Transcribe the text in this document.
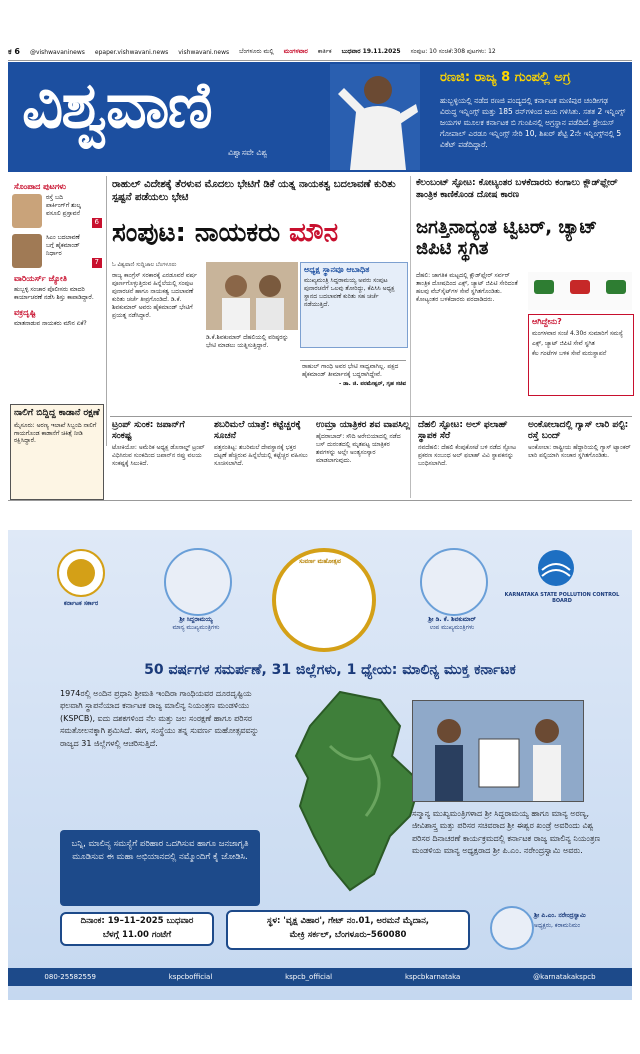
ಕ 6 @vishwavaninews epaper.vishwavani.news vishwavani.news ಬೆಂಗಳೂರು ಮಲ್ಲಿ ಮಂಗಳವಾರ ಕಾರ್ತಿಕ ಬುಧವಾರ 19.11.2025 ಸಂಪುಟ: 10 ಸಂಚಿಕೆ:308 ಪುಟಗಳು: 12
ವಿಶ್ವವಾಣಿ
ವಿಶ್ವಾಸವೇ ವಿಶ್ವ
ರಣಜಿ: ರಾಜ್ಯ 8 ಗುಂಪಲ್ಲಿ ಅಗ್ರ
ಹುಬ್ಬಳ್ಳಿಯಲ್ಲಿ ನಡೆದ ರಣಜಿ ಪಂದ್ಯದಲ್ಲಿ ಕರ್ನಾಟಕ ಮಣಿಪುರ ಚಂಡೀಗಢ ವಿರುದ್ಧ ಇನ್ನಿಂಗ್ಸ್ ಮತ್ತು 185 ರನ್‌ಗಳಿಂದ ಜಯ ಗಳಿಸಿತು. ಸತತ 2 ಇನ್ನಿಂಗ್ಸ್ ಜಯಗಳ ಮೂಲಕ ಕರ್ನಾಟಕ ಬಿ ಗುಂಪಿನಲ್ಲಿ ಅಗ್ರಸ್ಥಾನ ಪಡೆದಿದೆ. ಶ್ರೇಯಸ್ ಗೋಪಾಲ್ ಎರಡೂ ಇನ್ನಿಂಗ್ಸ್ ಸೇರಿ 10, ಶಿಖರ್ ಶೆಟ್ಟಿ 2ನೇ ಇನ್ನಿಂಗ್ಸ್‌ನಲ್ಲಿ 5 ವಿಕೆಟ್ ಪಡೆದಿದ್ದಾರೆ.
ಸೊಂಪಾದ ಪುಟಗಳು
ರಸ್ತೆ ಬದಿ ಪಾರ್ಕಿಂಗ್‌ಗೆ ಶುಲ್ಕ ವಸೂಲಿ ಪ್ರಸ್ತಾವನೆ
6
ಸಿಎಂ ಬದಲಾವಣೆ ಬಗ್ಗೆ ಹೈಕಮಾಂಡ್ ನಿರ್ಧಾರ
7
ವಾರಿಯರ್ಸ್ ಜ್ಯೋತಿ
ಹುಬ್ಬಳ್ಳಿ ಸಂಚಾರ ಪೊಲೀಸರು ಮಾದರಿ ಕಾರ್ಯಾಚರಣೆ ನಡೆಸಿ ಶಿಸ್ತು ಕಾಪಾಡಿದ್ದಾರೆ.
ವಕ್ರದೃಷ್ಟಿ
ಮಾತನಾಡುವ ನಾಯಕರು ಮೌನ ಏಕೆ?
ನಾಲಿಗೆ ಬಿದ್ದಿದ್ದ ಕಾಡಾನೆ ರಕ್ಷಣೆ
ಮೈಸೂರು: ಅರಣ್ಯ ಇಲಾಖೆ ಸಿಬ್ಬಂದಿ ನಾಲಿಗೆ ಗಾಯಗೊಂಡ ಕಾಡಾನೆಗೆ ಚಿಕಿತ್ಸೆ ನೀಡಿ ರಕ್ಷಿಸಿದ್ದಾರೆ.
ರಾಹುಲ್ ವಿದೇಶಕ್ಕೆ ತೆರಳುವ ಮೊದಲು ಭೇಟಿಗೆ ಡಿಕೆ ಯತ್ನ ನಾಯಕತ್ವ ಬದಲಾವಣೆ ಕುರಿತು ಸ್ಪಷ್ಟನೆ ಪಡೆಯಲು ಭೇಟಿ
ಸಂಪುಟ: ನಾಯಕರು ಮೌನ
ಓ ವಿಶ್ವವಾಣಿ ಸುದ್ದಿಜಾಲ ಬೆಂಗಳೂರು
ರಾಜ್ಯ ಕಾಂಗ್ರೆಸ್ ಸರಕಾರಕ್ಕೆ ಎರಡೂವರೆ ವರ್ಷ ಪೂರ್ಣಗೊಳ್ಳುತ್ತಿರುವ ಹಿನ್ನೆಲೆಯಲ್ಲಿ ಸಂಪುಟ ಪುನಾರಚನೆ ಹಾಗೂ ನಾಯಕತ್ವ ಬದಲಾವಣೆ ಕುರಿತು ಚರ್ಚೆ ತೀವ್ರಗೊಂಡಿದೆ. ಡಿ.ಕೆ. ಶಿವಕುಮಾರ್ ಅವರು ಹೈಕಮಾಂಡ್ ಭೇಟಿಗೆ ಪ್ರಯತ್ನ ನಡೆಸಿದ್ದಾರೆ.
ಅಧ್ಯಕ್ಷ ಸ್ಥಾನವೂ ಆಬಾಧಿತ
ಮುಖ್ಯಮಂತ್ರಿ ಸಿದ್ದರಾಮಯ್ಯ ಅವರು ಸಂಪುಟ ಪುನಾರಚನೆಗೆ ಒಲವು ತೋರಿದ್ದು, ಕೆಪಿಸಿಸಿ ಅಧ್ಯಕ್ಷ ಸ್ಥಾನದ ಬದಲಾವಣೆ ಕುರಿತು ಸಹ ಚರ್ಚೆ ನಡೆಯುತ್ತಿದೆ.
ಡಿ.ಕೆ.ಶಿವಕುಮಾರ್ ದೆಹಲಿಯಲ್ಲಿ ವರಿಷ್ಠರನ್ನು ಭೇಟಿ ಮಾಡಲು ಯತ್ನಿಸುತ್ತಿದ್ದಾರೆ.
ರಾಹುಲ್ ಗಾಂಧಿ ಅವರ ಭೇಟಿ ಸಾಧ್ಯವಾಗಿಲ್ಲ. ಪಕ್ಷದ ಹೈಕಮಾಂಡ್ ತೀರ್ಮಾನಕ್ಕೆ ಬದ್ಧರಾಗಿದ್ದೇವೆ.
- ಡಾ. ಜಿ. ಪರಮೇಶ್ವರ್, ಗೃಹ ಸಚಿವ
ಕೆಲಂಬಂಟ್ ಸ್ಫೋಟ: ಕೋಟ್ಯಂತರ ಬಳಕೆದಾರರು ಕಂಗಾಲು ಕ್ಲೌಡ್‌ಫ್ಲೇರ್ ತಾಂತ್ರಿಕ ಕಾಣಿಕೊಂಡ ದೋಷ ಕಾರಣ
ಜಗತ್ತಿನಾದ್ಯಂತ ಟ್ವಿಟರ್, ಚ್ಯಾಟ್ ಜಿಪಿಟಿ ಸ್ಥಗಿತ
ದೆಹಲಿ: ಜಾಗತಿಕ ಮಟ್ಟದಲ್ಲಿ ಕ್ಲೌಡ್‌ಫ್ಲೇರ್ ಸರ್ವರ್ ತಾಂತ್ರಿಕ ದೋಷದಿಂದ ಎಕ್ಸ್, ಚ್ಯಾಟ್ ಜಿಪಿಟಿ ಸೇರಿದಂತೆ ಹಲವು ವೆಬ್‌ಸೈಟ್‌ಗಳ ಸೇವೆ ಸ್ಥಗಿತಗೊಂಡಿತು. ಕೋಟ್ಯಂತರ ಬಳಕೆದಾರರು ಪರದಾಡಿದರು.
ಆಗಿದ್ದೇನು?
ಮಂಗಳವಾರ ಸಂಜೆ 4.30ರ ಸುಮಾರಿಗೆ ಸಮಸ್ಯೆ
ಎಕ್ಸ್, ಚ್ಯಾಟ್ ಜಿಪಿಟಿ ಸೇವೆ ಸ್ಥಗಿತ
ಕೆಲ ಗಂಟೆಗಳ ಬಳಿಕ ಸೇವೆ ಮರುಸ್ಥಾಪನೆ
ಟ್ರಂಪ್ ಸುಂಕ: ಜಪಾನ್‌ಗೆ ಸಂಕಷ್ಟ
ಟೋಕಿಯೋ: ಅಮೆರಿಕ ಅಧ್ಯಕ್ಷ ಡೊನಾಲ್ಡ್ ಟ್ರಂಪ್ ವಿಧಿಸಿರುವ ಸುಂಕದಿಂದ ಜಪಾನ್‌ನ ರಫ್ತು ವಲಯ ಸಂಕಷ್ಟಕ್ಕೆ ಸಿಲುಕಿದೆ.
ಶಬರಿಮಲೆ ಯಾತ್ರೆ: ಕಟ್ಟೆಚ್ಚರಕ್ಕೆ ಸೂಚನೆ
ಪತ್ತನಂತಿಟ್ಟ: ಶಬರಿಮಲೆ ದೇವಸ್ಥಾನಕ್ಕೆ ಭಕ್ತರ ದಟ್ಟಣೆ ಹೆಚ್ಚಿರುವ ಹಿನ್ನೆಲೆಯಲ್ಲಿ ಕಟ್ಟೆಚ್ಚರ ವಹಿಸಲು ಸೂಚಿಸಲಾಗಿದೆ.
ಉಮ್ರಾ ಯಾತ್ರಿಕರ ಶವ ವಾಪಸಿಲ್ಲ
ಹೈದರಾಬಾದ್: ಸೌದಿ ಅರೇಬಿಯಾದಲ್ಲಿ ನಡೆದ ಬಸ್ ದುರಂತದಲ್ಲಿ ಮೃತಪಟ್ಟ ಯಾತ್ರಿಕರ ಶವಗಳನ್ನು ಅಲ್ಲೇ ಅಂತ್ಯಸಂಸ್ಕಾರ ಮಾಡಲಾಗುವುದು.
ದೆಹಲಿ ಸ್ಫೋಟ: ಅಲ್ ಫಲಾಹ್ ಸ್ಥಾಪಕ ಸೆರೆ
ನವದೆಹಲಿ: ದೆಹಲಿ ಕೆಂಪುಕೋಟೆ ಬಳಿ ನಡೆದ ಸ್ಫೋಟ ಪ್ರಕರಣ ಸಂಬಂಧ ಅಲ್ ಫಲಾಹ್ ವಿವಿ ಸ್ಥಾಪಕನನ್ನು ಬಂಧಿಸಲಾಗಿದೆ.
ಅಂಕೋಲಾದಲ್ಲಿ ಗ್ಯಾಸ್ ಲಾರಿ ಪಲ್ಟಿ: ರಸ್ತೆ ಬಂದ್
ಅಂಕೋಲಾ: ರಾಷ್ಟ್ರೀಯ ಹೆದ್ದಾರಿಯಲ್ಲಿ ಗ್ಯಾಸ್ ಟ್ಯಾಂಕರ್ ಲಾರಿ ಪಲ್ಟಿಯಾಗಿ ಸಂಚಾರ ಸ್ಥಗಿತಗೊಂಡಿತು.
ಕರ್ನಾಟಕ ಸರ್ಕಾರ
ಶ್ರೀ ಸಿದ್ದರಾಮಯ್ಯ
ಮಾನ್ಯ ಮುಖ್ಯಮಂತ್ರಿಗಳು
ಸುವರ್ಣ ಮಹೋತ್ಸವ
ಶ್ರೀ ಡಿ. ಕೆ. ಶಿವಕುಮಾರ್
ಉಪ ಮುಖ್ಯಮಂತ್ರಿಗಳು
KARNATAKA STATE POLLUTION CONTROL BOARD
50 ವರ್ಷಗಳ ಸಮರ್ಪಣೆ, 31 ಜಿಲ್ಲೆಗಳು, 1 ಧ್ಯೇಯ: ಮಾಲಿನ್ಯ ಮುಕ್ತ ಕರ್ನಾಟಕ
1974ರಲ್ಲಿ ಅಂದಿನ ಪ್ರಧಾನಿ ಶ್ರೀಮತಿ ಇಂದಿರಾ ಗಾಂಧಿಯವರ ದೂರದೃಷ್ಟಿಯ ಫಲವಾಗಿ ಸ್ಥಾಪನೆಯಾದ ಕರ್ನಾಟಕ ರಾಜ್ಯ ಮಾಲಿನ್ಯ ನಿಯಂತ್ರಣ ಮಂಡಳಿಯು (KSPCB), ಐದು ದಶಕಗಳಿಂದ ನೆಲ ಮತ್ತು ಜಲ ಸಂರಕ್ಷಣೆ ಹಾಗೂ ಪರಿಸರ ಸಮತೋಲನಕ್ಕಾಗಿ ಶ್ರಮಿಸಿದೆ. ಈಗ, ಸಂಸ್ಥೆಯು ತನ್ನ ಸುವರ್ಣ ಮಹೋತ್ಸವವನ್ನು ರಾಜ್ಯದ 31 ಜಿಲ್ಲೆಗಳಲ್ಲಿ ಆಚರಿಸುತ್ತಿದೆ.
ಸನ್ಮಾನ್ಯ ಮುಖ್ಯಮಂತ್ರಿಗಳಾದ ಶ್ರೀ ಸಿದ್ದರಾಮಯ್ಯ ಹಾಗೂ ಮಾನ್ಯ ಅರಣ್ಯ, ಜೀವಿಶಾಸ್ತ್ರ ಮತ್ತು ಪರಿಸರ ಸಚಿವರಾದ ಶ್ರೀ ಈಶ್ವರ ಖಂಡ್ರೆ ಅವರಿಂದು ವಿಶ್ವ ಪರಿಸರ ದಿನಾಚರಣೆ ಕಾರ್ಯಕ್ರಮದಲ್ಲಿ ಕರ್ನಾಟಕ ರಾಜ್ಯ ಮಾಲಿನ್ಯ ನಿಯಂತ್ರಣ ಮಂಡಳಿಯ ಮಾನ್ಯ ಅಧ್ಯಕ್ಷರಾದ ಶ್ರೀ ಪಿ.ಎಂ. ನರೇಂದ್ರಸ್ವಾಮಿ ಅವರು.
ಬನ್ನಿ, ಮಾಲಿನ್ಯ ಸಮಸ್ಯೆಗೆ ಪರಿಹಾರ ಒದಗಿಸುವ ಹಾಗೂ ಜನಜಾಗೃತಿ ಮೂಡಿಸುವ ಈ ಮಹಾ ಅಭಿಯಾನದಲ್ಲಿ ನಮ್ಮೊಂದಿಗೆ ಕೈ ಜೋಡಿಸಿ.
ದಿನಾಂಕ: 19–11–2025 ಬುಧವಾರ
ಬೆಳಗ್ಗೆ 11.00 ಗಂಟೆಗೆ
ಸ್ಥಳ: 'ವೃಕ್ಷ ವಿಹಾರ', ಗೇಟ್ ನಂ.01, ಅರಮನೆ ಮೈದಾನ,
ಮೇಕ್ರಿ ಸರ್ಕಲ್, ಬೆಂಗಳೂರು–560080
ಶ್ರೀ ಪಿ.ಎಂ. ನರೇಂದ್ರಸ್ವಾಮಿ
ಅಧ್ಯಕ್ಷರು, ಕರಾಮನಿಮಂ
080-25582559	kspcbofficial	kspcb_official	kspcbkarnataka	@karnatakakspcb
